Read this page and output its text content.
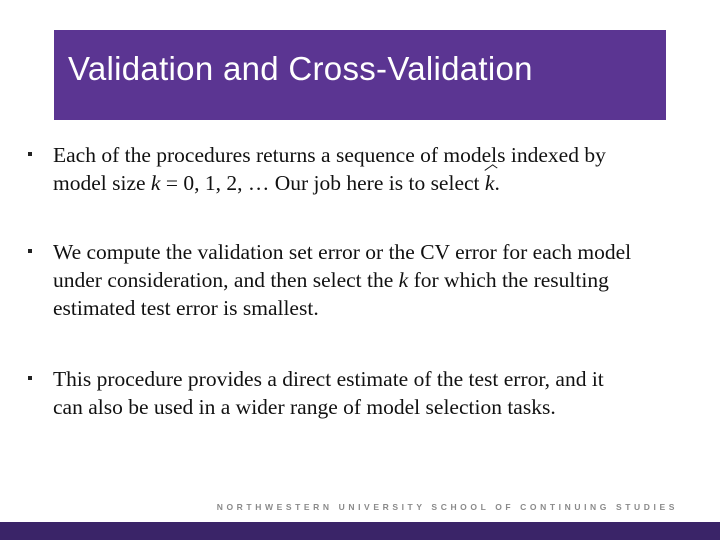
Validation and Cross-Validation

Each of the procedures returns a sequence of models indexed by
model size k = 0, 1, 2, … Our job here is to select k.

We compute the validation set error or the CV error for each model
under consideration, and then select the k for which the resulting
estimated test error is smallest.

This procedure provides a direct estimate of the test error, and it
can also be used in a wider range of model selection tasks.

NORTHWESTERN UNIVERSITY SCHOOL OF CONTINUING STUDIES
